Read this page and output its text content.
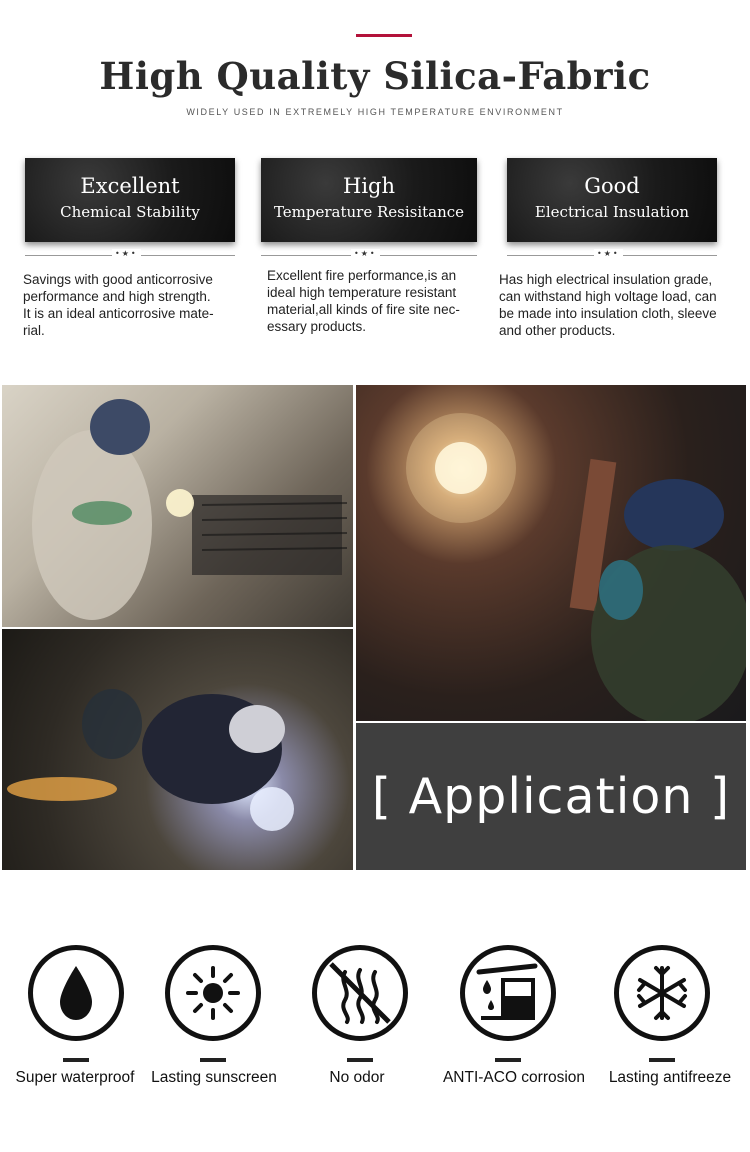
High Quality Silica-Fabric
WIDELY USED IN EXTREMELY HIGH TEMPERATURE ENVIRONMENT
Excellent
Chemical Stability
High
Temperature Resisitance
Good
Electrical Insulation
•★•	•★•	•★•
Savings with good anticorrosive
performance and high strength.
It is an ideal anticorrosive mate-
rial.
Excellent fire performance,is an
ideal high temperature resistant
material,all kinds of fire site nec-
essary products.
Has high electrical insulation grade,
can withstand high voltage load, can
be made into insulation cloth, sleeve
and other products.
[ Application ]
Super waterproof	Lasting sunscreen	No odor	ANTI-ACO corrosion	Lasting antifreeze
